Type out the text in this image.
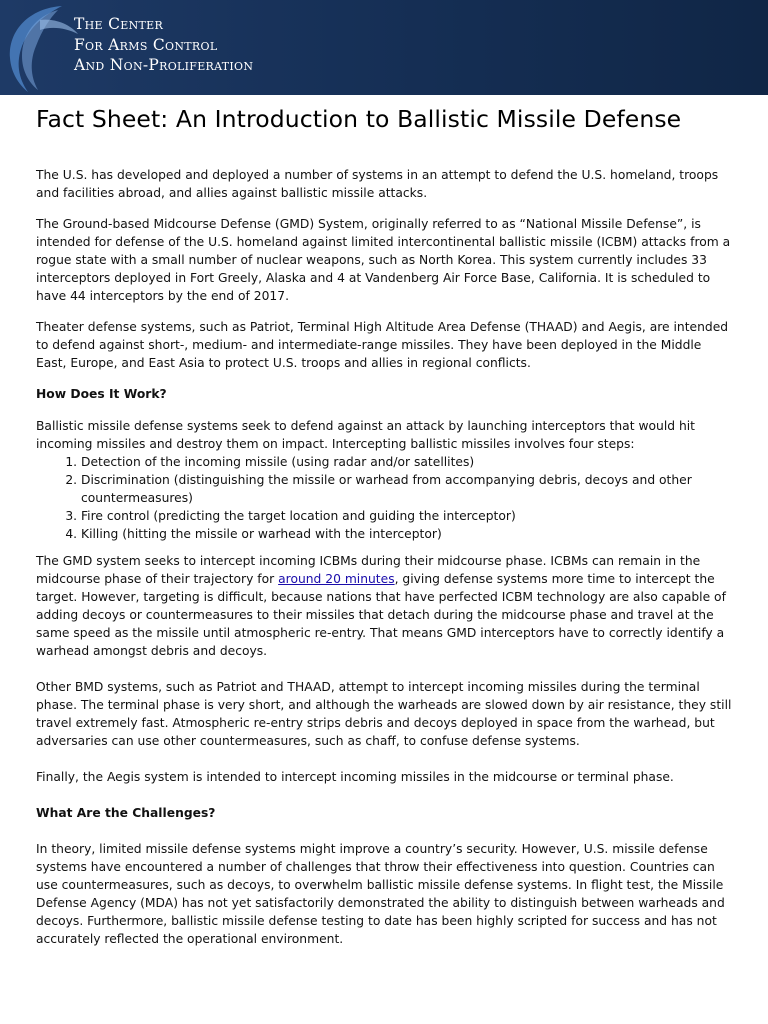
The Center
For Arms Control
And Non-Proliferation
Fact Sheet: An Introduction to Ballistic Missile Defense

The U.S. has developed and deployed a number of systems in an attempt to defend the U.S. homeland, troops and facilities abroad, and allies against ballistic missile attacks.

The Ground-based Midcourse Defense (GMD) System, originally referred to as “National Missile Defense”, is intended for defense of the U.S. homeland against limited intercontinental ballistic missile (ICBM) attacks from a rogue state with a small number of nuclear weapons, such as North Korea. This system currently includes 33 interceptors deployed in Fort Greely, Alaska and 4 at Vandenberg Air Force Base, California. It is scheduled to have 44 interceptors by the end of 2017.

Theater defense systems, such as Patriot, Terminal High Altitude Area Defense (THAAD) and Aegis, are intended to defend against short-, medium- and intermediate-range missiles. They have been deployed in the Middle East, Europe, and East Asia to protect U.S. troops and allies in regional conflicts.

How Does It Work?

Ballistic missile defense systems seek to defend against an attack by launching interceptors that would hit incoming missiles and destroy them on impact. Intercepting ballistic missiles involves four steps:

1. Detection of the incoming missile (using radar and/or satellites)
2. Discrimination (distinguishing the missile or warhead from accompanying debris, decoys and other countermeasures)
3. Fire control (predicting the target location and guiding the interceptor)
4. Killing (hitting the missile or warhead with the interceptor)

The GMD system seeks to intercept incoming ICBMs during their midcourse phase. ICBMs can remain in the midcourse phase of their trajectory for around 20 minutes, giving defense systems more time to intercept the target. However, targeting is difficult, because nations that have perfected ICBM technology are also capable of adding decoys or countermeasures to their missiles that detach during the midcourse phase and travel at the same speed as the missile until atmospheric re-entry. That means GMD interceptors have to correctly identify a warhead amongst debris and decoys.

Other BMD systems, such as Patriot and THAAD, attempt to intercept incoming missiles during the terminal phase. The terminal phase is very short, and although the warheads are slowed down by air resistance, they still travel extremely fast. Atmospheric re-entry strips debris and decoys deployed in space from the warhead, but adversaries can use other countermeasures, such as chaff, to confuse defense systems.

Finally, the Aegis system is intended to intercept incoming missiles in the midcourse or terminal phase.

What Are the Challenges?

In theory, limited missile defense systems might improve a country’s security. However, U.S. missile defense systems have encountered a number of challenges that throw their effectiveness into question. Countries can use countermeasures, such as decoys, to overwhelm ballistic missile defense systems. In flight test, the Missile Defense Agency (MDA) has not yet satisfactorily demonstrated the ability to distinguish between warheads and decoys. Furthermore, ballistic missile defense testing to date has been highly scripted for success and has not accurately reflected the operational environment.
